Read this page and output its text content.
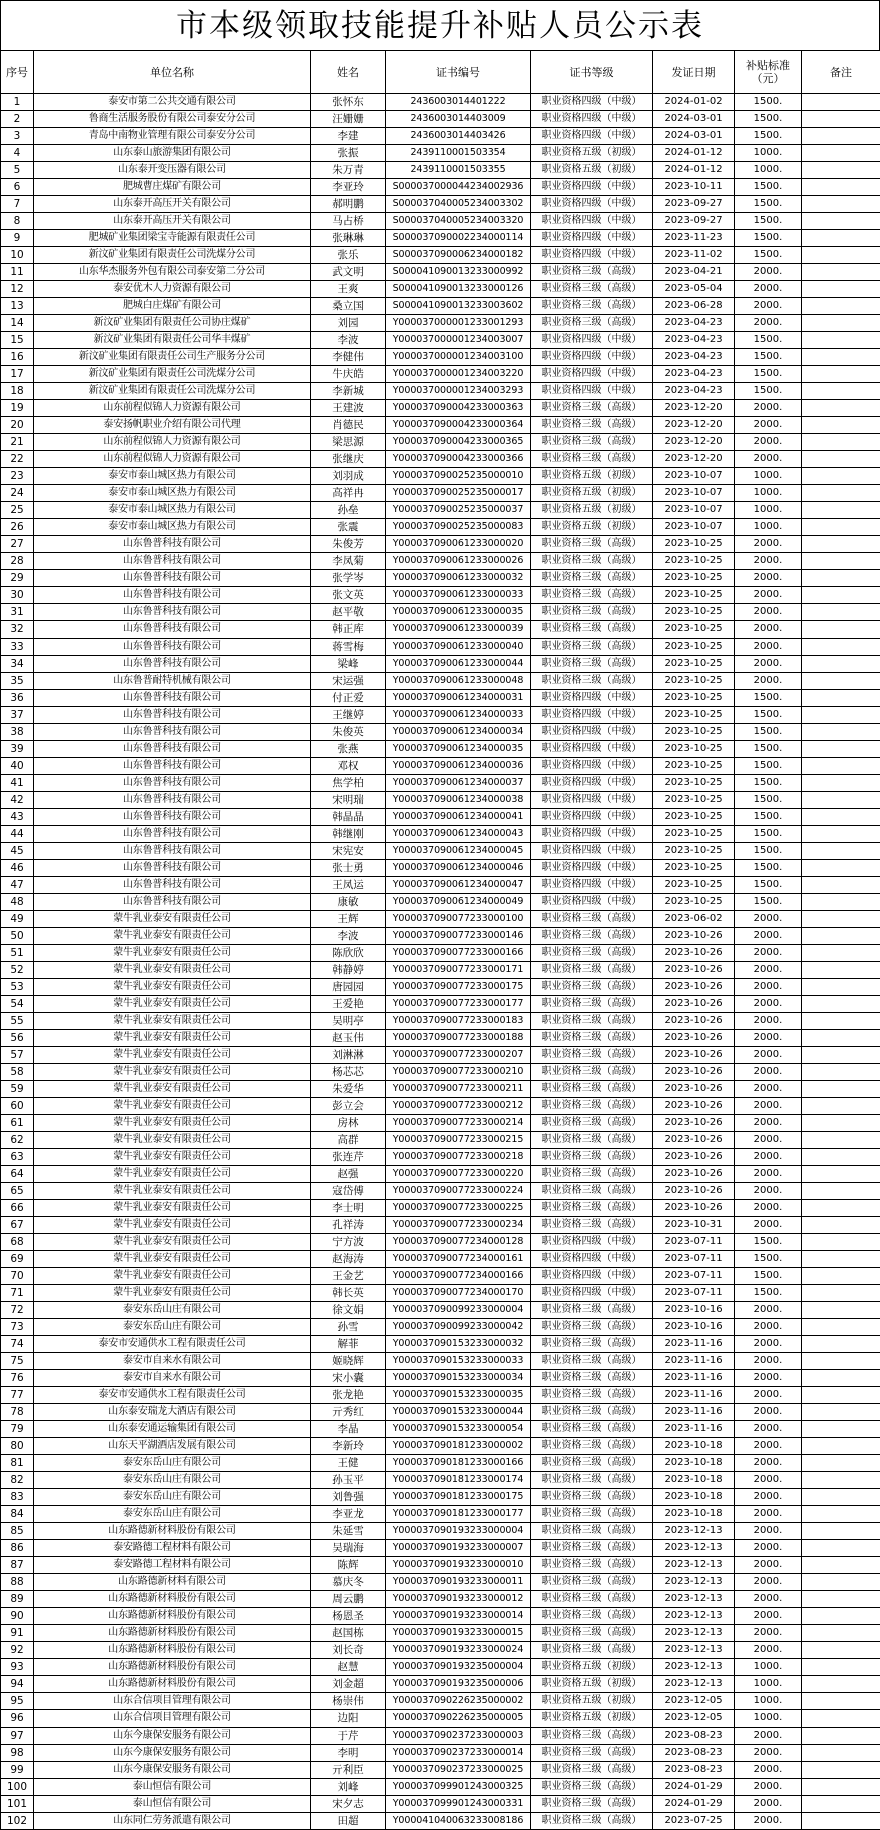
市本级领取技能提升补贴人员公示表
序号	单位名称	姓名	证书编号	证书等级	发证日期	补贴标准（元）	备注
1	泰安市第二公共交通有限公司	张怀东	2436003014401222	职业资格四级（中级）	2024-01-02	1500.	
2	鲁商生活服务股份有限公司泰安分公司	汪姗姗	2436003014403009	职业资格四级（中级）	2024-03-01	1500.	
3	青岛中南物业管理有限公司泰安分公司	李建	2436003014403426	职业资格四级（中级）	2024-03-01	1500.	
4	山东泰山旅游集团有限公司	张振	2439110001503354	职业资格五级（初级）	2024-01-12	1000.	
5	山东泰开变压器有限公司	朱万青	2439110001503355	职业资格五级（初级）	2024-01-12	1000.	
6	肥城曹庄煤矿有限公司	李亚玲	S000037000044234002936	职业资格四级（中级）	2023-10-11	1500.	
7	山东泰开高压开关有限公司	郝明鹏	S000037040005234003302	职业资格四级（中级）	2023-09-27	1500.	
8	山东泰开高压开关有限公司	马占桥	S000037040005234003320	职业资格四级（中级）	2023-09-27	1500.	
9	肥城矿业集团梁宝寺能源有限责任公司	张琳琳	S000037090002234000114	职业资格四级（中级）	2023-11-23	1500.	
10	新汶矿业集团有限责任公司洗煤分公司	张乐	S000037090006234000182	职业资格四级（中级）	2023-11-02	1500.	
11	山东华杰服务外包有限公司泰安第二分公司	武文明	S000041090013233000992	职业资格三级（高级）	2023-04-21	2000.	
12	泰安优木人力资源有限公司	王爽	S000041090013233000126	职业资格三级（高级）	2023-05-04	2000.	
13	肥城白庄煤矿有限公司	桑立国	S000041090013233003602	职业资格三级（高级）	2023-06-28	2000.	
14	新汶矿业集团有限责任公司协庄煤矿	刘园	Y000037000001233001293	职业资格三级（高级）	2023-04-23	2000.	
15	新汶矿业集团有限责任公司华丰煤矿	李波	Y000037000001234003007	职业资格四级（中级）	2023-04-23	1500.	
16	新汶矿业集团有限责任公司生产服务分公司	李健伟	Y000037000001234003100	职业资格四级（中级）	2023-04-23	1500.	
17	新汶矿业集团有限责任公司洗煤分公司	牛庆皓	Y000037000001234003220	职业资格四级（中级）	2023-04-23	1500.	
18	新汶矿业集团有限责任公司洗煤分公司	李新城	Y000037000001234003293	职业资格四级（中级）	2023-04-23	1500.	
19	山东前程似锦人力资源有限公司	王建波	Y000037090004233000363	职业资格三级（高级）	2023-12-20	2000.	
20	泰安扬帆职业介绍有限公司代理	肖德民	Y000037090004233000364	职业资格三级（高级）	2023-12-20	2000.	
21	山东前程似锦人力资源有限公司	梁思源	Y000037090004233000365	职业资格三级（高级）	2023-12-20	2000.	
22	山东前程似锦人力资源有限公司	张继庆	Y000037090004233000366	职业资格三级（高级）	2023-12-20	2000.	
23	泰安市泰山城区热力有限公司	刘羽成	Y000037090025235000010	职业资格五级（初级）	2023-10-07	1000.	
24	泰安市泰山城区热力有限公司	高祥冉	Y000037090025235000017	职业资格五级（初级）	2023-10-07	1000.	
25	泰安市泰山城区热力有限公司	孙垒	Y000037090025235000037	职业资格五级（初级）	2023-10-07	1000.	
26	泰安市泰山城区热力有限公司	张震	Y000037090025235000083	职业资格五级（初级）	2023-10-07	1000.	
27	山东鲁普科技有限公司	朱俊芳	Y000037090061233000020	职业资格三级（高级）	2023-10-25	2000.	
28	山东鲁普科技有限公司	李凤菊	Y000037090061233000026	职业资格三级（高级）	2023-10-25	2000.	
29	山东鲁普科技有限公司	张学岑	Y000037090061233000032	职业资格三级（高级）	2023-10-25	2000.	
30	山东鲁普科技有限公司	张文英	Y000037090061233000033	职业资格三级（高级）	2023-10-25	2000.	
31	山东鲁普科技有限公司	赵平敬	Y000037090061233000035	职业资格三级（高级）	2023-10-25	2000.	
32	山东鲁普科技有限公司	韩正库	Y000037090061233000039	职业资格三级（高级）	2023-10-25	2000.	
33	山东鲁普科技有限公司	蒋雪梅	Y000037090061233000040	职业资格三级（高级）	2023-10-25	2000.	
34	山东鲁普科技有限公司	梁峰	Y000037090061233000044	职业资格三级（高级）	2023-10-25	2000.	
35	山东鲁普耐特机械有限公司	宋运强	Y000037090061233000048	职业资格三级（高级）	2023-10-25	2000.	
36	山东鲁普科技有限公司	付正爱	Y000037090061234000031	职业资格四级（中级）	2023-10-25	1500.	
37	山东鲁普科技有限公司	王继婷	Y000037090061234000033	职业资格四级（中级）	2023-10-25	1500.	
38	山东鲁普科技有限公司	朱俊英	Y000037090061234000034	职业资格四级（中级）	2023-10-25	1500.	
39	山东鲁普科技有限公司	张燕	Y000037090061234000035	职业资格四级（中级）	2023-10-25	1500.	
40	山东鲁普科技有限公司	邓权	Y000037090061234000036	职业资格四级（中级）	2023-10-25	1500.	
41	山东鲁普科技有限公司	焦学柏	Y000037090061234000037	职业资格四级（中级）	2023-10-25	1500.	
42	山东鲁普科技有限公司	宋明瑞	Y000037090061234000038	职业资格四级（中级）	2023-10-25	1500.	
43	山东鲁普科技有限公司	韩晶晶	Y000037090061234000041	职业资格四级（中级）	2023-10-25	1500.	
44	山东鲁普科技有限公司	韩继刚	Y000037090061234000043	职业资格四级（中级）	2023-10-25	1500.	
45	山东鲁普科技有限公司	宋宪安	Y000037090061234000045	职业资格四级（中级）	2023-10-25	1500.	
46	山东鲁普科技有限公司	张士勇	Y000037090061234000046	职业资格四级（中级）	2023-10-25	1500.	
47	山东鲁普科技有限公司	王凤运	Y000037090061234000047	职业资格四级（中级）	2023-10-25	1500.	
48	山东鲁普科技有限公司	康敏	Y000037090061234000049	职业资格四级（中级）	2023-10-25	1500.	
49	蒙牛乳业泰安有限责任公司	王辉	Y000037090077233000100	职业资格三级（高级）	2023-06-02	2000.	
50	蒙牛乳业泰安有限责任公司	李波	Y000037090077233000146	职业资格三级（高级）	2023-10-26	2000.	
51	蒙牛乳业泰安有限责任公司	陈欣欣	Y000037090077233000166	职业资格三级（高级）	2023-10-26	2000.	
52	蒙牛乳业泰安有限责任公司	韩静婷	Y000037090077233000171	职业资格三级（高级）	2023-10-26	2000.	
53	蒙牛乳业泰安有限责任公司	唐园园	Y000037090077233000175	职业资格三级（高级）	2023-10-26	2000.	
54	蒙牛乳业泰安有限责任公司	王爱艳	Y000037090077233000177	职业资格三级（高级）	2023-10-26	2000.	
55	蒙牛乳业泰安有限责任公司	吴明亭	Y000037090077233000183	职业资格三级（高级）	2023-10-26	2000.	
56	蒙牛乳业泰安有限责任公司	赵玉伟	Y000037090077233000188	职业资格三级（高级）	2023-10-26	2000.	
57	蒙牛乳业泰安有限责任公司	刘淋淋	Y000037090077233000207	职业资格三级（高级）	2023-10-26	2000.	
58	蒙牛乳业泰安有限责任公司	杨芯芯	Y000037090077233000210	职业资格三级（高级）	2023-10-26	2000.	
59	蒙牛乳业泰安有限责任公司	朱爱华	Y000037090077233000211	职业资格三级（高级）	2023-10-26	2000.	
60	蒙牛乳业泰安有限责任公司	彭立会	Y000037090077233000212	职业资格三级（高级）	2023-10-26	2000.	
61	蒙牛乳业泰安有限责任公司	房林	Y000037090077233000214	职业资格三级（高级）	2023-10-26	2000.	
62	蒙牛乳业泰安有限责任公司	高群	Y000037090077233000215	职业资格三级（高级）	2023-10-26	2000.	
63	蒙牛乳业泰安有限责任公司	张连芹	Y000037090077233000218	职业资格三级（高级）	2023-10-26	2000.	
64	蒙牛乳业泰安有限责任公司	赵强	Y000037090077233000220	职业资格三级（高级）	2023-10-26	2000.	
65	蒙牛乳业泰安有限责任公司	寇岱傅	Y000037090077233000224	职业资格三级（高级）	2023-10-26	2000.	
66	蒙牛乳业泰安有限责任公司	李士明	Y000037090077233000225	职业资格三级（高级）	2023-10-26	2000.	
67	蒙牛乳业泰安有限责任公司	孔祥涛	Y000037090077233000234	职业资格三级（高级）	2023-10-31	2000.	
68	蒙牛乳业泰安有限责任公司	宁方波	Y000037090077234000128	职业资格四级（中级）	2023-07-11	1500.	
69	蒙牛乳业泰安有限责任公司	赵海涛	Y000037090077234000161	职业资格四级（中级）	2023-07-11	1500.	
70	蒙牛乳业泰安有限责任公司	王金艺	Y000037090077234000166	职业资格四级（中级）	2023-07-11	1500.	
71	蒙牛乳业泰安有限责任公司	韩长英	Y000037090077234000170	职业资格四级（中级）	2023-07-11	1500.	
72	泰安东岳山庄有限公司	徐文娟	Y000037090099233000004	职业资格三级（高级）	2023-10-16	2000.	
73	泰安东岳山庄有限公司	孙雪	Y000037090099233000042	职业资格三级（高级）	2023-10-16	2000.	
74	泰安市安通供水工程有限责任公司	解菲	Y000037090153233000032	职业资格三级（高级）	2023-11-16	2000.	
75	泰安市自来水有限公司	姬晓辉	Y000037090153233000033	职业资格三级（高级）	2023-11-16	2000.	
76	泰安市自来水有限公司	宋小囊	Y000037090153233000034	职业资格三级（高级）	2023-11-16	2000.	
77	泰安市安通供水工程有限责任公司	张龙艳	Y000037090153233000035	职业资格三级（高级）	2023-11-16	2000.	
78	山东泰安瑞龙大酒店有限公司	亓秀红	Y000037090153233000044	职业资格三级（高级）	2023-11-16	2000.	
79	山东泰安通运输集团有限公司	李晶	Y000037090153233000054	职业资格三级（高级）	2023-11-16	2000.	
80	山东天平湖酒店发展有限公司	李新玲	Y000037090181233000002	职业资格三级（高级）	2023-10-18	2000.	
81	泰安东岳山庄有限公司	王健	Y000037090181233000166	职业资格三级（高级）	2023-10-18	2000.	
82	泰安东岳山庄有限公司	孙玉平	Y000037090181233000174	职业资格三级（高级）	2023-10-18	2000.	
83	泰安东岳山庄有限公司	刘鲁强	Y000037090181233000175	职业资格三级（高级）	2023-10-18	2000.	
84	泰安东岳山庄有限公司	李亚龙	Y000037090181233000177	职业资格三级（高级）	2023-10-18	2000.	
85	山东路德新材料股份有限公司	朱延雪	Y000037090193233000004	职业资格三级（高级）	2023-12-13	2000.	
86	泰安路德工程材料有限公司	吴瑞海	Y000037090193233000007	职业资格三级（高级）	2023-12-13	2000.	
87	泰安路德工程材料有限公司	陈辉	Y000037090193233000010	职业资格三级（高级）	2023-12-13	2000.	
88	山东路德新材料有限公司	慕庆冬	Y000037090193233000011	职业资格三级（高级）	2023-12-13	2000.	
89	山东路德新材料股份有限公司	周云鹏	Y000037090193233000012	职业资格三级（高级）	2023-12-13	2000.	
90	山东路德新材料股份有限公司	杨恩圣	Y000037090193233000014	职业资格三级（高级）	2023-12-13	2000.	
91	山东路德新材料股份有限公司	赵国栋	Y000037090193233000015	职业资格三级（高级）	2023-12-13	2000.	
92	山东路德新材料股份有限公司	刘长奇	Y000037090193233000024	职业资格三级（高级）	2023-12-13	2000.	
93	山东路德新材料股份有限公司	赵慧	Y000037090193235000004	职业资格五级（初级）	2023-12-13	1000.	
94	山东路德新材料股份有限公司	刘金超	Y000037090193235000006	职业资格五级（初级）	2023-12-13	1000.	
95	山东合信项目管理有限公司	杨崇伟	Y000037090226235000002	职业资格五级（初级）	2023-12-05	1000.	
96	山东合信项目管理有限公司	边阳	Y000037090226235000005	职业资格五级（初级）	2023-12-05	1000.	
97	山东今康保安服务有限公司	于芹	Y000037090237233000003	职业资格三级（高级）	2023-08-23	2000.	
98	山东今康保安服务有限公司	李明	Y000037090237233000014	职业资格三级（高级）	2023-08-23	2000.	
99	山东今康保安服务有限公司	亓利臣	Y000037090237233000025	职业资格三级（高级）	2023-08-23	2000.	
100	泰山恒信有限公司	刘峰	Y000037099901243000325	职业资格三级（高级）	2024-01-29	2000.	
101	泰山恒信有限公司	宋夕志	Y000037099901243000331	职业资格三级（高级）	2024-01-29	2000.	
102	山东同仁劳务派遣有限公司	田超	Y000041040063233008186	职业资格三级（高级）	2023-07-25	2000.	
